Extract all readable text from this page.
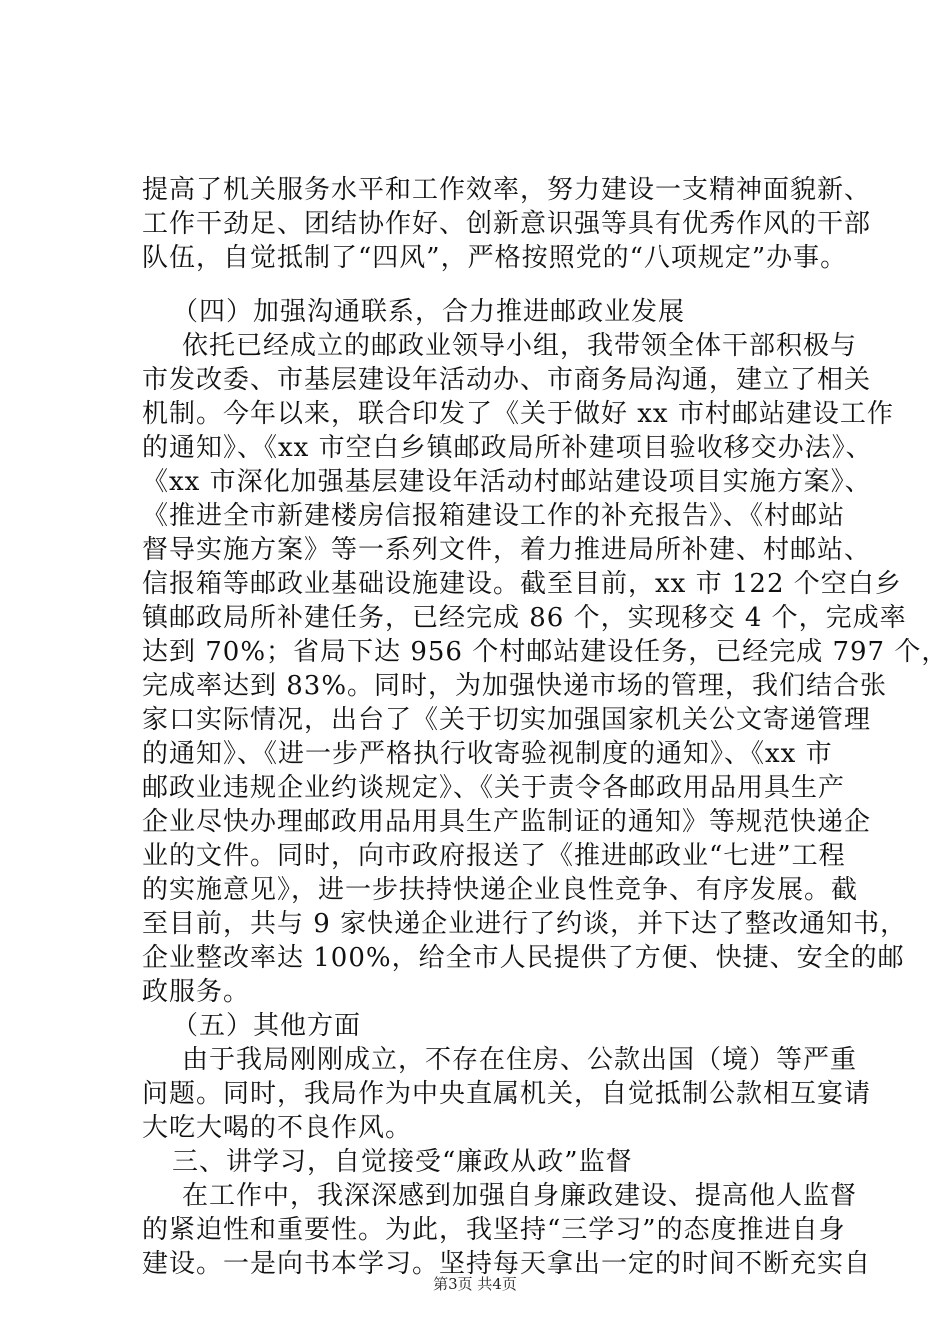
提高了机关服务水平和工作效率，努力建设一支精神面貌新、
工作干劲足、团结协作好、创新意识强等具有优秀作风的干部
队伍，自觉抵制了“四风”，严格按照党的“八项规定”办事。
（四）加强沟通联系，合力推进邮政业发展
依托已经成立的邮政业领导小组，我带领全体干部积极与
市发改委、市基层建设年活动办、市商务局沟通，建立了相关
机制。今年以来，联合印发了《关于做好 xx 市村邮站建设工作
的通知》、《xx 市空白乡镇邮政局所补建项目验收移交办法》、
《xx 市深化加强基层建设年活动村邮站建设项目实施方案》、
《推进全市新建楼房信报箱建设工作的补充报告》、《村邮站
督导实施方案》等一系列文件，着力推进局所补建、村邮站、
信报箱等邮政业基础设施建设。截至目前，xx 市 122 个空白乡
镇邮政局所补建任务，已经完成 86 个，实现移交 4 个，完成率
达到 70%；省局下达 956 个村邮站建设任务，已经完成 797 个，
完成率达到 83%。同时，为加强快递市场的管理，我们结合张
家口实际情况，出台了《关于切实加强国家机关公文寄递管理
的通知》、《进一步严格执行收寄验视制度的通知》、《xx 市
邮政业违规企业约谈规定》、《关于责令各邮政用品用具生产
企业尽快办理邮政用品用具生产监制证的通知》等规范快递企
业的文件。同时，向市政府报送了《推进邮政业“七进”工程
的实施意见》，进一步扶持快递企业良性竞争、有序发展。截
至目前，共与 9 家快递企业进行了约谈，并下达了整改通知书，
企业整改率达 100%，给全市人民提供了方便、快捷、安全的邮
政服务。
（五）其他方面
由于我局刚刚成立，不存在住房、公款出国（境）等严重
问题。同时，我局作为中央直属机关，自觉抵制公款相互宴请
大吃大喝的不良作风。
三、讲学习，自觉接受“廉政从政”监督
在工作中，我深深感到加强自身廉政建设、提高他人监督
的紧迫性和重要性。为此，我坚持“三学习”的态度推进自身
建设。一是向书本学习。坚持每天拿出一定的时间不断充实自
第3页 共4页
